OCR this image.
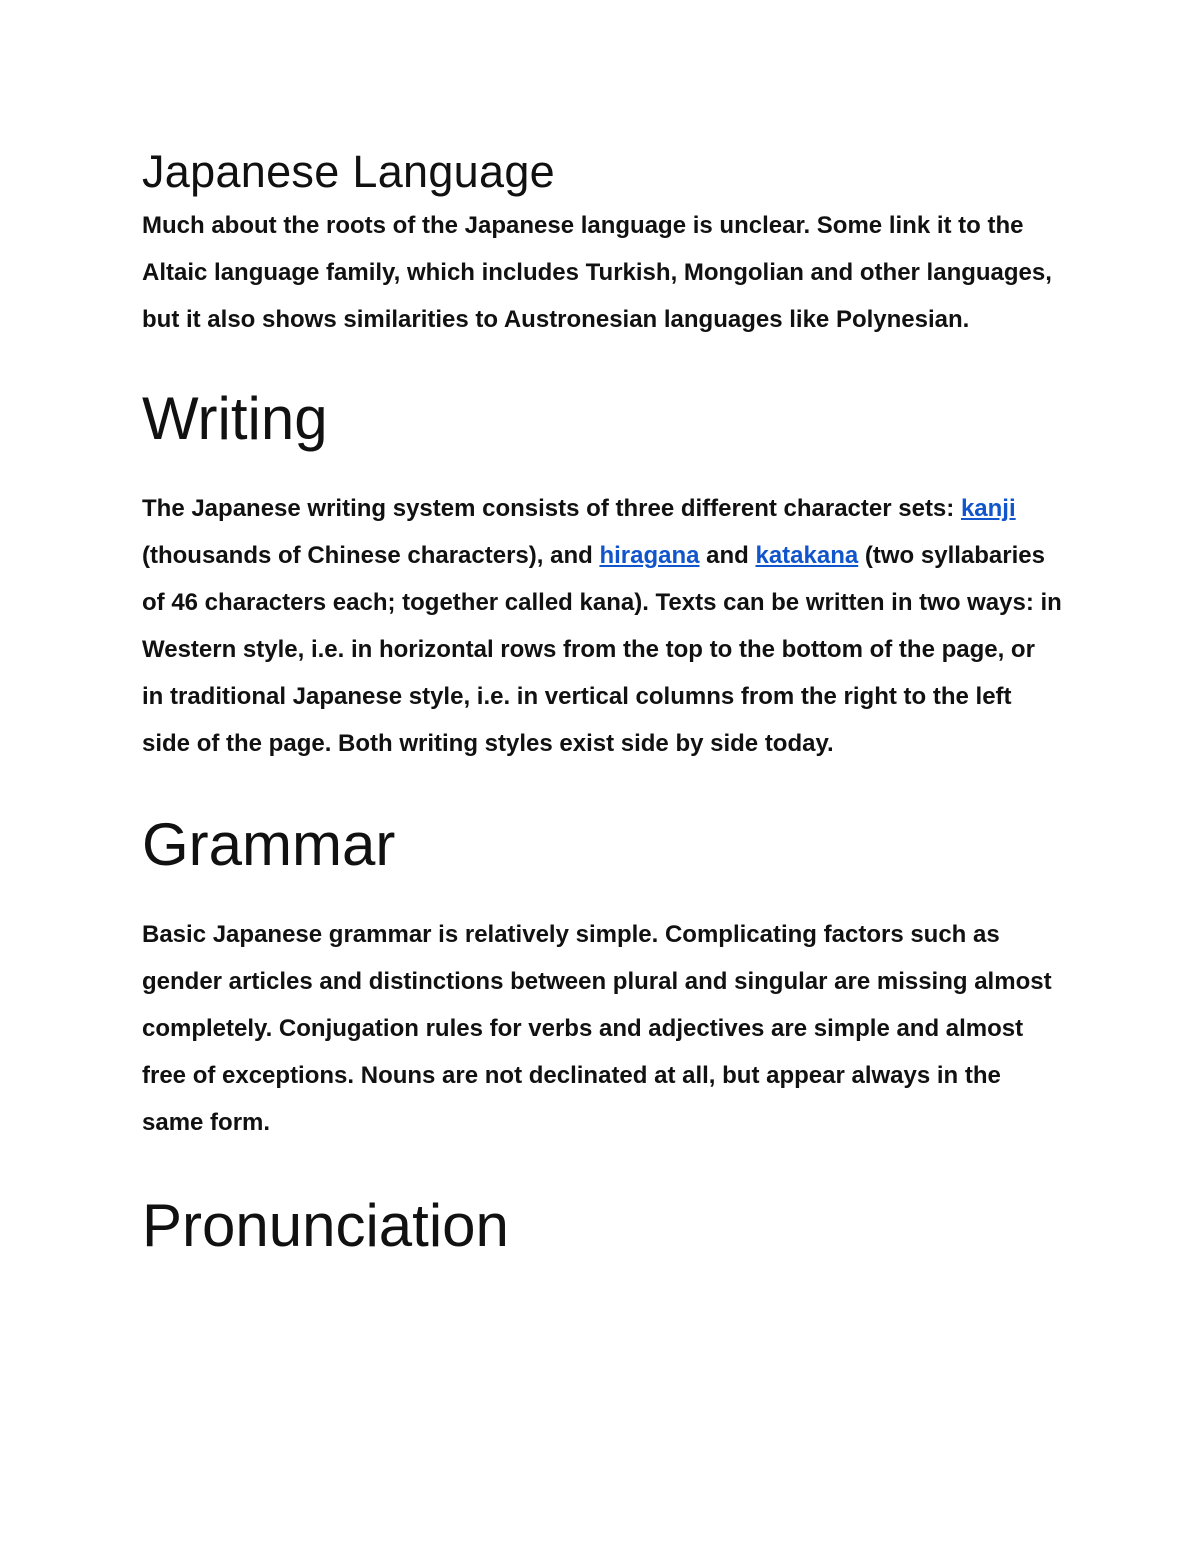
Japanese Language

Much about the roots of the Japanese language is unclear. Some link it to the Altaic language family, which includes Turkish, Mongolian and other languages, but it also shows similarities to Austronesian languages like Polynesian.

Writing

The Japanese writing system consists of three different character sets: kanji (thousands of Chinese characters), and hiragana and katakana (two syllabaries of 46 characters each; together called kana). Texts can be written in two ways: in Western style, i.e. in horizontal rows from the top to the bottom of the page, or in traditional Japanese style, i.e. in vertical columns from the right to the left side of the page. Both writing styles exist side by side today.

Grammar

Basic Japanese grammar is relatively simple. Complicating factors such as gender articles and distinctions between plural and singular are missing almost completely. Conjugation rules for verbs and adjectives are simple and almost free of exceptions. Nouns are not declinated at all, but appear always in the same form.

Pronunciation
